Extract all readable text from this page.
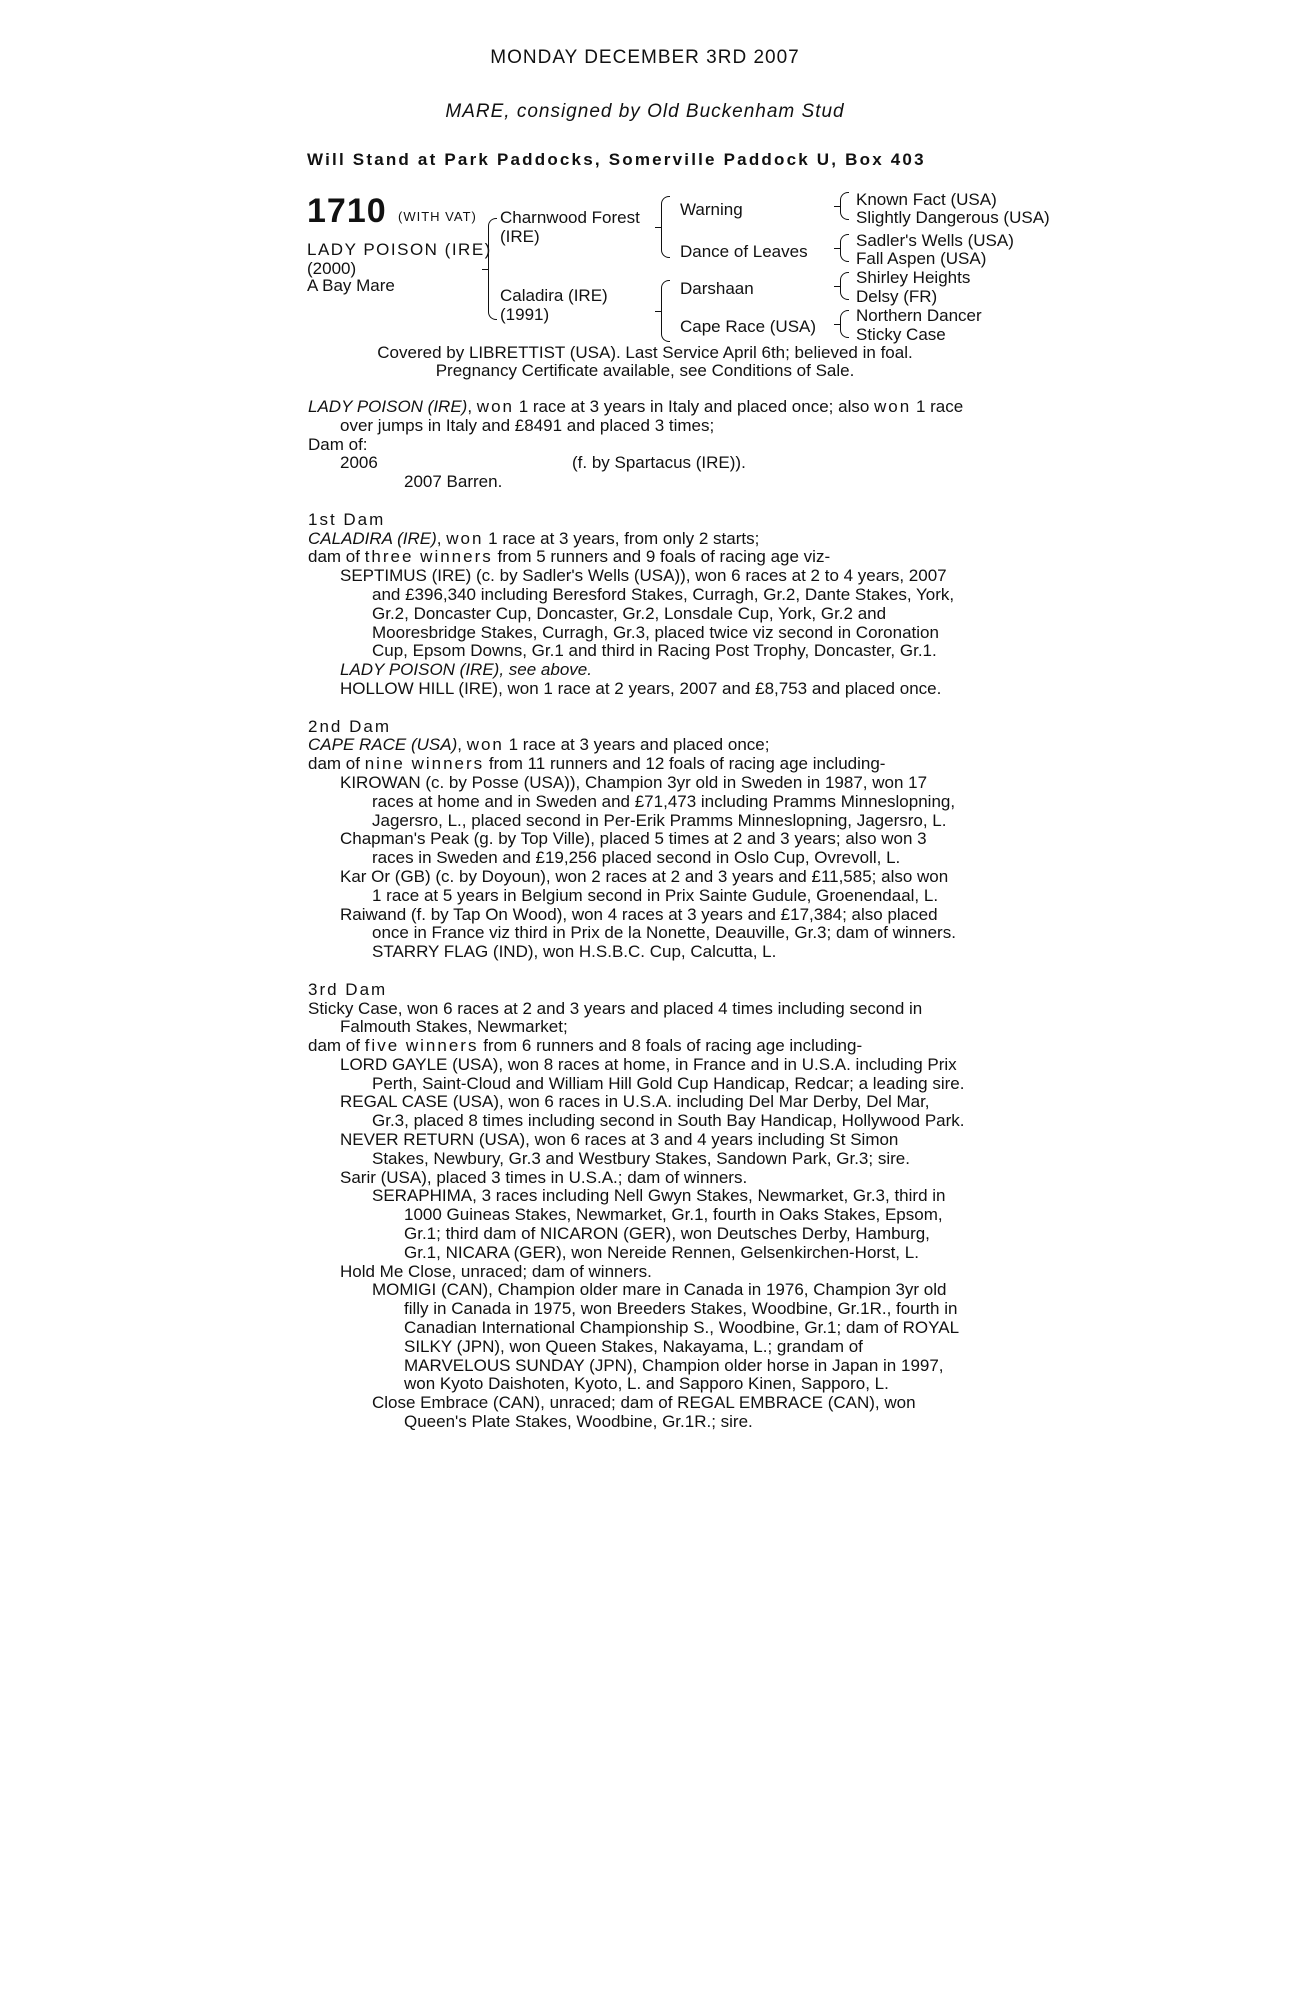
MONDAY DECEMBER 3RD 2007
MARE, consigned by Old Buckenham Stud
Will Stand at Park Paddocks, Somerville Paddock U, Box 403
1710 (WITH VAT)
LADY POISON (IRE)
(2000)
A Bay Mare
Charnwood Forest
(IRE)
Caladira (IRE)
(1991)
Warning
Dance of Leaves
Darshaan
Cape Race (USA)
Known Fact (USA)
Slightly Dangerous (USA)
Sadler's Wells (USA)
Fall Aspen (USA)
Shirley Heights
Delsy (FR)
Northern Dancer
Sticky Case
Covered by LIBRETTIST (USA). Last Service April 6th; believed in foal.
Pregnancy Certificate available, see Conditions of Sale.
LADY POISON (IRE), won 1 race at 3 years in Italy and placed once; also won 1 race
over jumps in Italy and £8491 and placed 3 times;
Dam of:
2006	(f. by Spartacus (IRE)).
2007 Barren.
1st Dam
CALADIRA (IRE), won 1 race at 3 years, from only 2 starts;
dam of three winners from 5 runners and 9 foals of racing age viz-
SEPTIMUS (IRE) (c. by Sadler's Wells (USA)), won 6 races at 2 to 4 years, 2007
and £396,340 including Beresford Stakes, Curragh, Gr.2, Dante Stakes, York,
Gr.2, Doncaster Cup, Doncaster, Gr.2, Lonsdale Cup, York, Gr.2 and
Mooresbridge Stakes, Curragh, Gr.3, placed twice viz second in Coronation
Cup, Epsom Downs, Gr.1 and third in Racing Post Trophy, Doncaster, Gr.1.
LADY POISON (IRE), see above.
HOLLOW HILL (IRE), won 1 race at 2 years, 2007 and £8,753 and placed once.
2nd Dam
CAPE RACE (USA), won 1 race at 3 years and placed once;
dam of nine winners from 11 runners and 12 foals of racing age including-
KIROWAN (c. by Posse (USA)), Champion 3yr old in Sweden in 1987, won 17
races at home and in Sweden and £71,473 including Pramms Minneslopning,
Jagersro, L., placed second in Per-Erik Pramms Minneslopning, Jagersro, L.
Chapman's Peak (g. by Top Ville), placed 5 times at 2 and 3 years; also won 3
races in Sweden and £19,256 placed second in Oslo Cup, Ovrevoll, L.
Kar Or (GB) (c. by Doyoun), won 2 races at 2 and 3 years and £11,585; also won
1 race at 5 years in Belgium second in Prix Sainte Gudule, Groenendaal, L.
Raiwand (f. by Tap On Wood), won 4 races at 3 years and £17,384; also placed
once in France viz third in Prix de la Nonette, Deauville, Gr.3; dam of winners.
STARRY FLAG (IND), won H.S.B.C. Cup, Calcutta, L.
3rd Dam
Sticky Case, won 6 races at 2 and 3 years and placed 4 times including second in
Falmouth Stakes, Newmarket;
dam of five winners from 6 runners and 8 foals of racing age including-
LORD GAYLE (USA), won 8 races at home, in France and in U.S.A. including Prix
Perth, Saint-Cloud and William Hill Gold Cup Handicap, Redcar; a leading sire.
REGAL CASE (USA), won 6 races in U.S.A. including Del Mar Derby, Del Mar,
Gr.3, placed 8 times including second in South Bay Handicap, Hollywood Park.
NEVER RETURN (USA), won 6 races at 3 and 4 years including St Simon
Stakes, Newbury, Gr.3 and Westbury Stakes, Sandown Park, Gr.3; sire.
Sarir (USA), placed 3 times in U.S.A.; dam of winners.
SERAPHIMA, 3 races including Nell Gwyn Stakes, Newmarket, Gr.3, third in
1000 Guineas Stakes, Newmarket, Gr.1, fourth in Oaks Stakes, Epsom,
Gr.1; third dam of NICARON (GER), won Deutsches Derby, Hamburg,
Gr.1, NICARA (GER), won Nereide Rennen, Gelsenkirchen-Horst, L.
Hold Me Close, unraced; dam of winners.
MOMIGI (CAN), Champion older mare in Canada in 1976, Champion 3yr old
filly in Canada in 1975, won Breeders Stakes, Woodbine, Gr.1R., fourth in
Canadian International Championship S., Woodbine, Gr.1; dam of ROYAL
SILKY (JPN), won Queen Stakes, Nakayama, L.; grandam of
MARVELOUS SUNDAY (JPN), Champion older horse in Japan in 1997,
won Kyoto Daishoten, Kyoto, L. and Sapporo Kinen, Sapporo, L.
Close Embrace (CAN), unraced; dam of REGAL EMBRACE (CAN), won
Queen's Plate Stakes, Woodbine, Gr.1R.; sire.
